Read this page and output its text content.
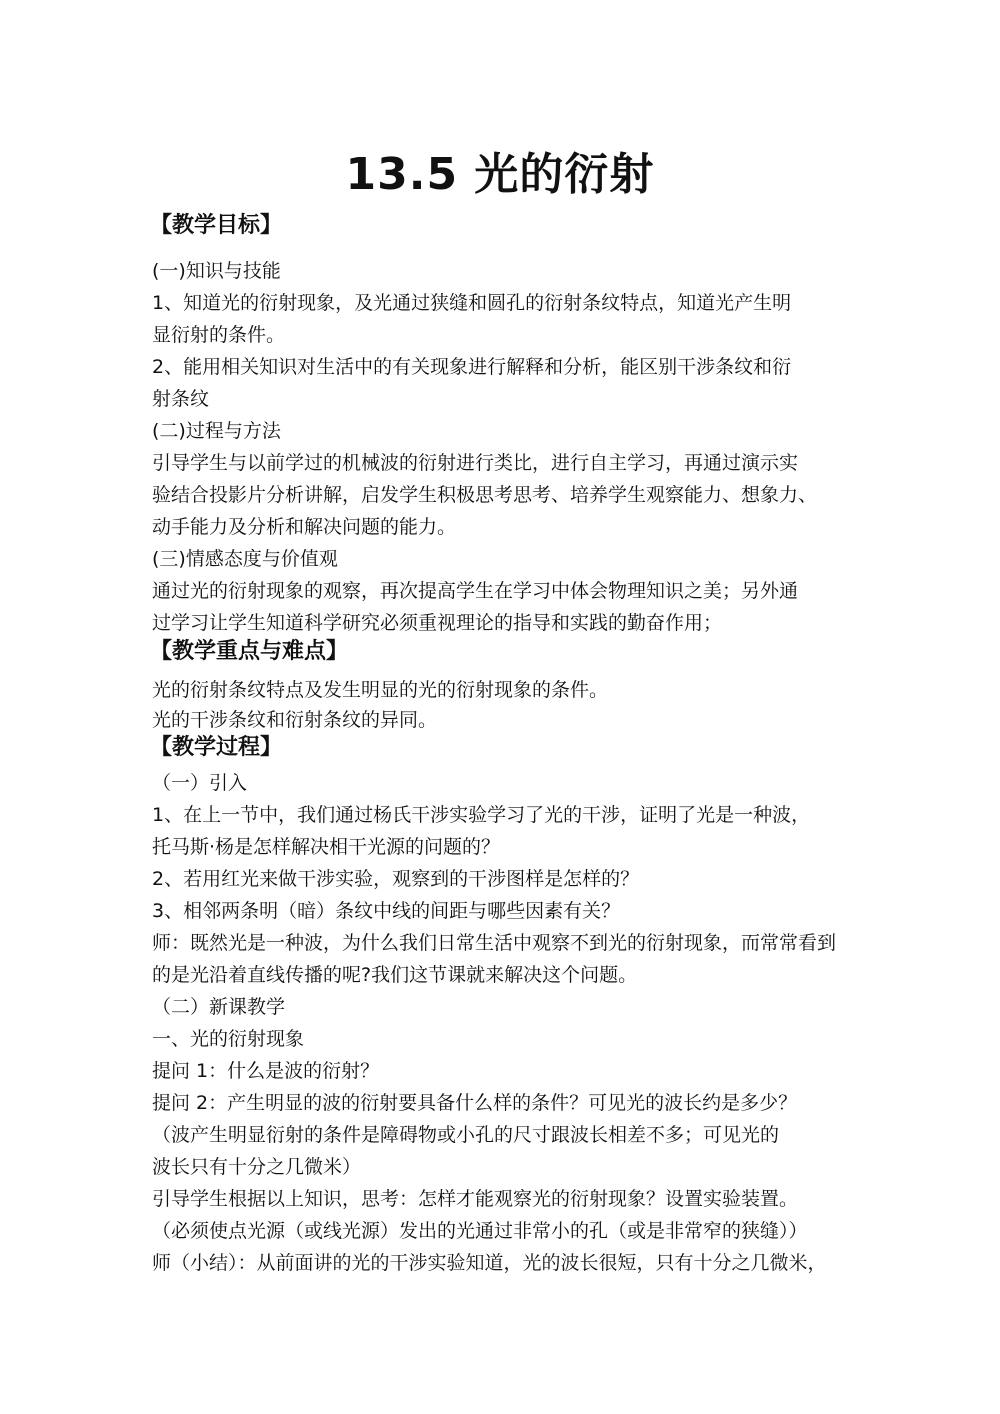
13.5 光的衍射
【教学目标】
(一)知识与技能
1、知道光的衍射现象，及光通过狭缝和圆孔的衍射条纹特点，知道光产生明
显衍射的条件。
2、能用相关知识对生活中的有关现象进行解释和分析，能区别干涉条纹和衍
射条纹
(二)过程与方法
引导学生与以前学过的机械波的衍射进行类比，进行自主学习，再通过演示实
验结合投影片分析讲解，启发学生积极思考思考、培养学生观察能力、想象力、
动手能力及分析和解决问题的能力。
(三)情感态度与价值观
通过光的衍射现象的观察，再次提高学生在学习中体会物理知识之美；另外通
过学习让学生知道科学研究必须重视理论的指导和实践的勤奋作用；
【教学重点与难点】
光的衍射条纹特点及发生明显的光的衍射现象的条件。
光的干涉条纹和衍射条纹的异同。
【教学过程】
（一）引入
1、在上一节中，我们通过杨氏干涉实验学习了光的干涉，证明了光是一种波，
托马斯·杨是怎样解决相干光源的问题的？
2、若用红光来做干涉实验，观察到的干涉图样是怎样的？
3、相邻两条明（暗）条纹中线的间距与哪些因素有关？
师：既然光是一种波，为什么我们日常生活中观察不到光的衍射现象，而常常看到
的是光沿着直线传播的呢?我们这节课就来解决这个问题。
（二）新课教学
一、光的衍射现象
提问 1：什么是波的衍射？
提问 2：产生明显的波的衍射要具备什么样的条件？可见光的波长约是多少？
（波产生明显衍射的条件是障碍物或小孔的尺寸跟波长相差不多；可见光的
波长只有十分之几微米）
引导学生根据以上知识，思考：怎样才能观察光的衍射现象？设置实验装置。
（必须使点光源（或线光源）发出的光通过非常小的孔（或是非常窄的狭缝））
师（小结）：从前面讲的光的干涉实验知道，光的波长很短，只有十分之几微米，
